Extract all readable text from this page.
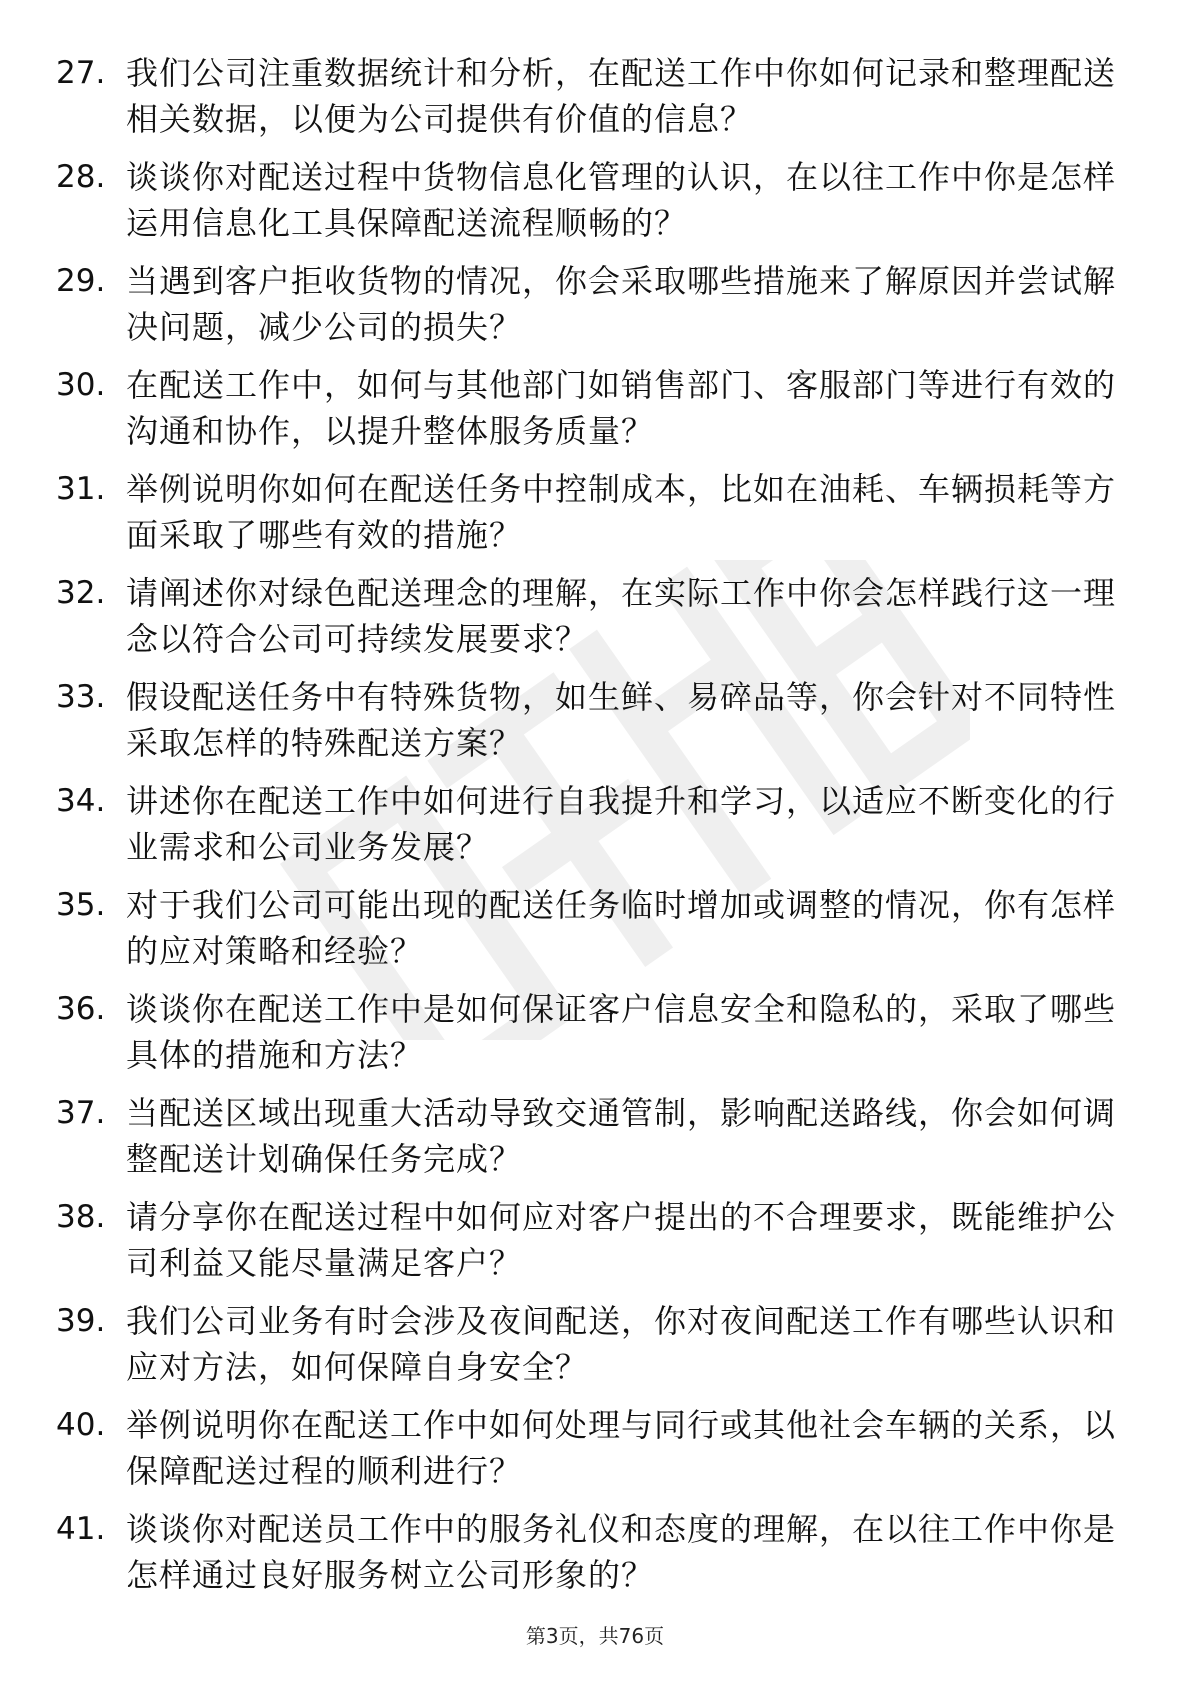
27. 我们公司注重数据统计和分析，在配送工作中你如何记录和整理配送相关数据，以便为公司提供有价值的信息？
28. 谈谈你对配送过程中货物信息化管理的认识，在以往工作中你是怎样运用信息化工具保障配送流程顺畅的？
29. 当遇到客户拒收货物的情况，你会采取哪些措施来了解原因并尝试解决问题，减少公司的损失？
30. 在配送工作中，如何与其他部门如销售部门、客服部门等进行有效的沟通和协作，以提升整体服务质量？
31. 举例说明你如何在配送任务中控制成本，比如在油耗、车辆损耗等方面采取了哪些有效的措施？
32. 请阐述你对绿色配送理念的理解，在实际工作中你会怎样践行这一理念以符合公司可持续发展要求？
33. 假设配送任务中有特殊货物，如生鲜、易碎品等，你会针对不同特性采取怎样的特殊配送方案？
34. 讲述你在配送工作中如何进行自我提升和学习，以适应不断变化的行业需求和公司业务发展？
35. 对于我们公司可能出现的配送任务临时增加或调整的情况，你有怎样的应对策略和经验？
36. 谈谈你在配送工作中是如何保证客户信息安全和隐私的，采取了哪些具体的措施和方法？
37. 当配送区域出现重大活动导致交通管制，影响配送路线，你会如何调整配送计划确保任务完成？
38. 请分享你在配送过程中如何应对客户提出的不合理要求，既能维护公司利益又能尽量满足客户？
39. 我们公司业务有时会涉及夜间配送，你对夜间配送工作有哪些认识和应对方法，如何保障自身安全？
40. 举例说明你在配送工作中如何处理与同行或其他社会车辆的关系，以保障配送过程的顺利进行？
41. 谈谈你对配送员工作中的服务礼仪和态度的理解，在以往工作中你是怎样通过良好服务树立公司形象的？
第3页，共76页
